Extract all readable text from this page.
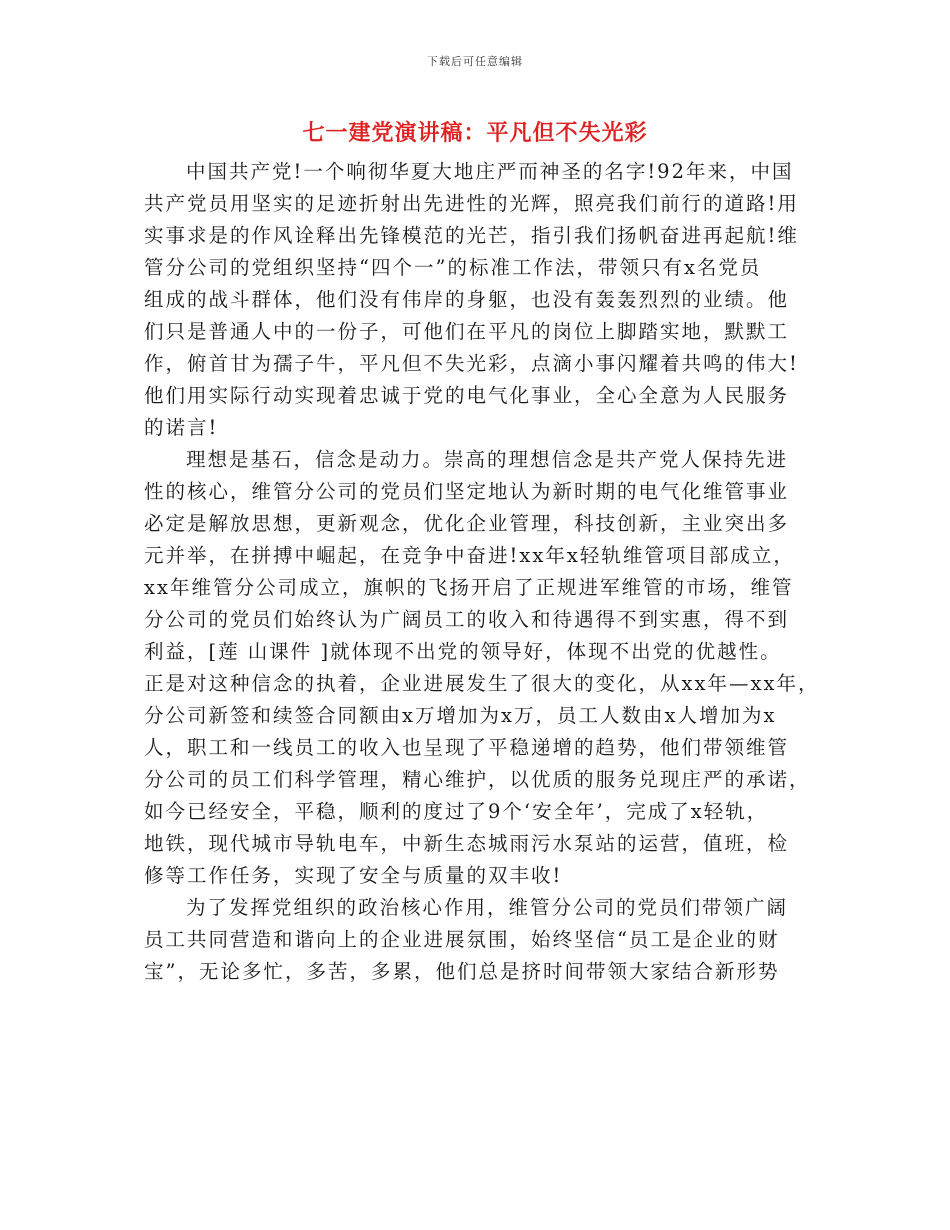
下载后可任意编辑
七一建党演讲稿：平凡但不失光彩
中国共产党!一个响彻华夏大地庄严而神圣的名字!92年来，中国
共产党员用坚实的足迹折射出先进性的光辉，照亮我们前行的道路!用
实事求是的作风诠释出先锋模范的光芒，指引我们扬帆奋进再起航!维
管分公司的党组织坚持“四个一”的标准工作法，带领只有x名党员
组成的战斗群体，他们没有伟岸的身躯，也没有轰轰烈烈的业绩。他
们只是普通人中的一份子，可他们在平凡的岗位上脚踏实地，默默工
作，俯首甘为孺子牛，平凡但不失光彩，点滴小事闪耀着共鸣的伟大!
他们用实际行动实现着忠诚于党的电气化事业，全心全意为人民服务
的诺言!
理想是基石，信念是动力。崇高的理想信念是共产党人保持先进
性的核心，维管分公司的党员们坚定地认为新时期的电气化维管事业
必定是解放思想，更新观念，优化企业管理，科技创新，主业突出多
元并举，在拼搏中崛起，在竞争中奋进!xx年x轻轨维管项目部成立，
xx年维管分公司成立，旗帜的飞扬开启了正规进军维管的市场，维管
分公司的党员们始终认为广阔员工的收入和待遇得不到实惠，得不到
利益，[莲 山课件 ]就体现不出党的领导好，体现不出党的优越性。
正是对这种信念的执着，企业进展发生了很大的变化，从xx年—xx年，
分公司新签和续签合同额由x万增加为x万，员工人数由x人增加为x
人，职工和一线员工的收入也呈现了平稳递增的趋势，他们带领维管
分公司的员工们科学管理，精心维护，以优质的服务兑现庄严的承诺，
如今已经安全，平稳，顺利的度过了9个‘安全年’，完成了x轻轨，
地铁，现代城市导轨电车，中新生态城雨污水泵站的运营，值班，检
修等工作任务，实现了安全与质量的双丰收!
为了发挥党组织的政治核心作用，维管分公司的党员们带领广阔
员工共同营造和谐向上的企业进展氛围，始终坚信“员工是企业的财
宝”，无论多忙，多苦，多累，他们总是挤时间带领大家结合新形势
